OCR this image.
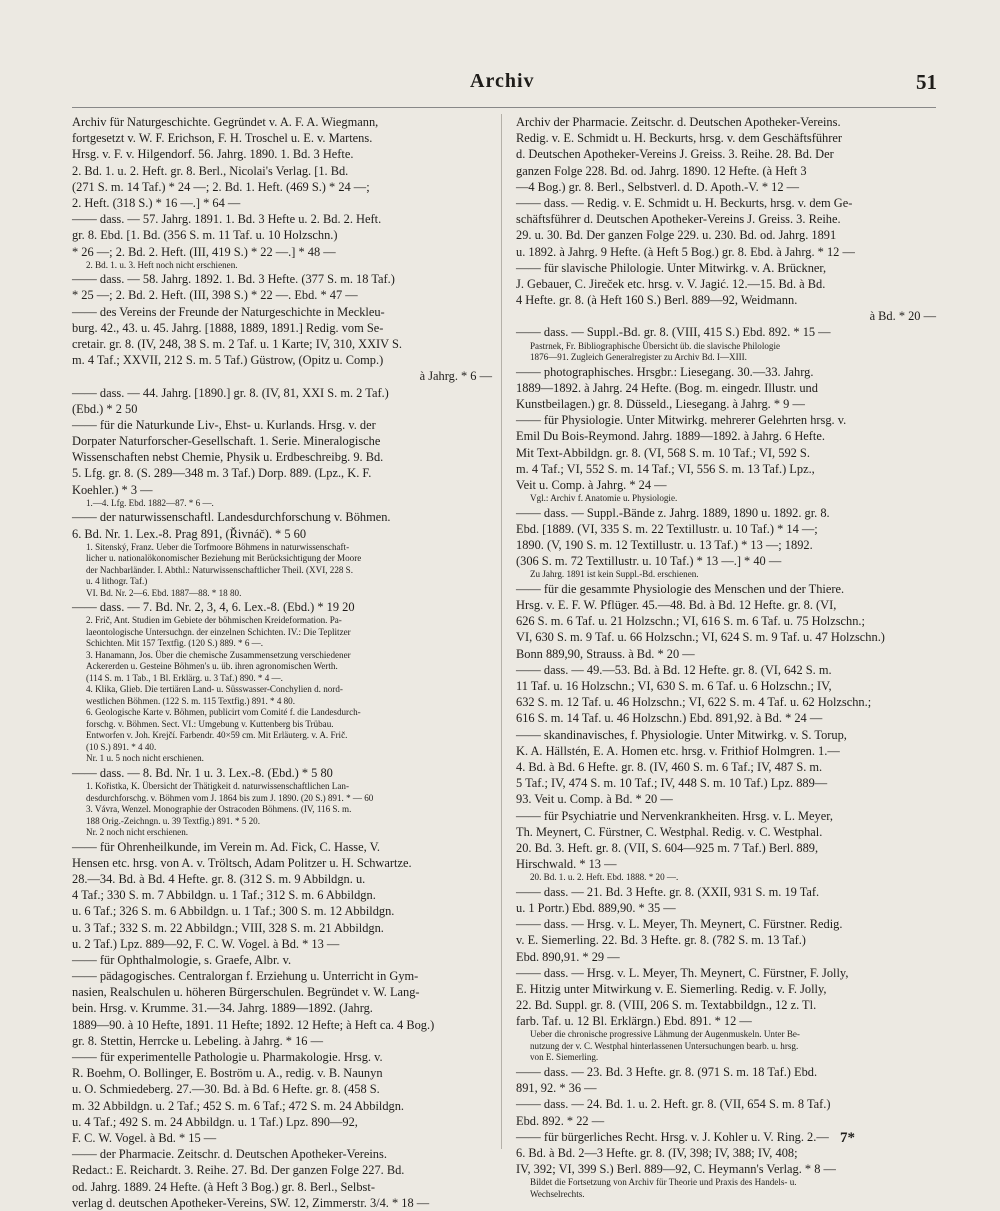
Archiv	51
Archiv für Naturgeschichte. Gegründet v. A. F. A. Wiegmann,
fortgesetzt v. W. F. Erichson, F. H. Troschel u. E. v. Martens.
Hrsg. v. F. v. Hilgendorf. 56. Jahrg. 1890. 1. Bd. 3 Hefte.
2. Bd. 1. u. 2. Heft. gr. 8. Berl., Nicolai's Verlag. [1. Bd.
(271 S. m. 14 Taf.) * 24 —; 2. Bd. 1. Heft. (469 S.) * 24 —;
2. Heft. (318 S.) * 16 —.] * 64 —
—— dass. — 57. Jahrg. 1891. 1. Bd. 3 Hefte u. 2. Bd. 2. Heft.
gr. 8. Ebd. [1. Bd. (356 S. m. 11 Taf. u. 10 Holzschn.)
* 26 —; 2. Bd. 2. Heft. (III, 419 S.) * 22 —.] * 48 —
2. Bd. 1. u. 3. Heft noch nicht erschienen.
—— dass. — 58. Jahrg. 1892. 1. Bd. 3 Hefte. (377 S. m. 18 Taf.)
* 25 —; 2. Bd. 2. Heft. (III, 398 S.) * 22 —. Ebd. * 47 —
—— des Vereins der Freunde der Naturgeschichte in Meckleu-
burg. 42., 43. u. 45. Jahrg. [1888, 1889, 1891.] Redig. vom Se-
cretair. gr. 8. (IV, 248, 38 S. m. 2 Taf. u. 1 Karte; IV, 310, XXIV S.
m. 4 Taf.; XXVII, 212 S. m. 5 Taf.) Güstrow, (Opitz u. Comp.)
à Jahrg. * 6 —
—— dass. — 44. Jahrg. [1890.] gr. 8. (IV, 81, XXI S. m. 2 Taf.)
(Ebd.) * 2 50
—— für die Naturkunde Liv-, Ehst- u. Kurlands. Hrsg. v. der
Dorpater Naturforscher-Gesellschaft. 1. Serie. Mineralogische
Wissenschaften nebst Chemie, Physik u. Erdbeschreibg. 9. Bd.
5. Lfg. gr. 8. (S. 289—348 m. 3 Taf.) Dorp. 889. (Lpz., K. F.
Koehler.) * 3 —
1.—4. Lfg. Ebd. 1882—87. * 6 —.
—— der naturwissenschaftl. Landesdurchforschung v. Böhmen.
6. Bd. Nr. 1. Lex.-8. Prag 891, (Řivnáč). * 5 60
1. Sitenský, Franz. Ueber die Torfmoore Böhmens in naturwissenschaft-
licher u. nationalökonomischer Beziehung mit Berücksichtigung der Moore
der Nachbarländer. I. Abthl.: Naturwissenschaftlicher Theil. (XVI, 228 S.
u. 4 lithogr. Taf.)
VI. Bd. Nr. 2—6. Ebd. 1887—88. * 18 80.
—— dass. — 7. Bd. Nr. 2, 3, 4, 6. Lex.-8. (Ebd.) * 19 20
2. Frič, Ant. Studien im Gebiete der böhmischen Kreideformation. Pa-
laeontologische Untersuchgn. der einzelnen Schichten. IV.: Die Teplitzer
Schichten. Mit 157 Textfig. (120 S.) 889. * 6 —.
3. Hanamann, Jos. Über die chemische Zusammensetzung verschiedener
Ackererden u. Gesteine Böhmen's u. üb. ihren agronomischen Werth.
(114 S. m. 1 Tab., 1 Bl. Erklärg. u. 3 Taf.) 890. * 4 —.
4. Klika, Glieb. Die tertiären Land- u. Süsswasser-Conchylien d. nord-
westlichen Böhmen. (122 S. m. 115 Textfig.) 891. * 4 80.
6. Geologische Karte v. Böhmen, publicirt vom Comité f. die Landesdurch-
forschg. v. Böhmen. Sect. VI.: Umgebung v. Kuttenberg bis Trübau.
Entworfen v. Joh. Krejčí. Farbendr. 40×59 cm. Mit Erläuterg. v. A. Frič.
(10 S.) 891. * 4 40.
Nr. 1 u. 5 noch nicht erschienen.
—— dass. — 8. Bd. Nr. 1 u. 3. Lex.-8. (Ebd.) * 5 80
1. Kořistka, K. Übersicht der Thätigkeit d. naturwissenschaftlichen Lan-
desdurchforschg. v. Böhmen vom J. 1864 bis zum J. 1890. (20 S.) 891. * — 60
3. Vávra, Wenzel. Monographie der Ostracoden Böhmens. (IV, 116 S. m.
188 Orig.-Zeichngn. u. 39 Textfig.) 891. * 5 20.
Nr. 2 noch nicht erschienen.
—— für Ohrenheilkunde, im Verein m. Ad. Fick, C. Hasse, V.
Hensen etc. hrsg. von A. v. Tröltsch, Adam Politzer u. H. Schwartze.
28.—34. Bd. à Bd. 4 Hefte. gr. 8. (312 S. m. 9 Abbildgn. u.
4 Taf.; 330 S. m. 7 Abbildgn. u. 1 Taf.; 312 S. m. 6 Abbildgn.
u. 6 Taf.; 326 S. m. 6 Abbildgn. u. 1 Taf.; 300 S. m. 12 Abbildgn.
u. 3 Taf.; 332 S. m. 22 Abbildgn.; VIII, 328 S. m. 21 Abbildgn.
u. 2 Taf.) Lpz. 889—92, F. C. W. Vogel. à Bd. * 13 —
—— für Ophthalmologie, s. Graefe, Albr. v.
—— pädagogisches. Centralorgan f. Erziehung u. Unterricht in Gym-
nasien, Realschulen u. höheren Bürgerschulen. Begründet v. W. Lang-
bein. Hrsg. v. Krumme. 31.—34. Jahrg. 1889—1892. (Jahrg.
1889—90. à 10 Hefte, 1891. 11 Hefte; 1892. 12 Hefte; à Heft ca. 4 Bog.)
gr. 8. Stettin, Herrcke u. Lebeling. à Jahrg. * 16 —
—— für experimentelle Pathologie u. Pharmakologie. Hrsg. v.
R. Boehm, O. Bollinger, E. Boström u. A., redig. v. B. Naunyn
u. O. Schmiedeberg. 27.—30. Bd. à Bd. 6 Hefte. gr. 8. (458 S.
m. 32 Abbildgn. u. 2 Taf.; 452 S. m. 6 Taf.; 472 S. m. 24 Abbildgn.
u. 4 Taf.; 492 S. m. 24 Abbildgn. u. 1 Taf.) Lpz. 890—92,
F. C. W. Vogel. à Bd. * 15 —
—— der Pharmacie. Zeitschr. d. Deutschen Apotheker-Vereins.
Redact.: E. Reichardt. 3. Reihe. 27. Bd. Der ganzen Folge 227. Bd.
od. Jahrg. 1889. 24 Hefte. (à Heft 3 Bog.) gr. 8. Berl., Selbst-
verlag d. deutschen Apotheker-Vereins, SW. 12, Zimmerstr. 3/4. * 18 —
Archiv der Pharmacie. Zeitschr. d. Deutschen Apotheker-Vereins.
Redig. v. E. Schmidt u. H. Beckurts, hrsg. v. dem Geschäftsführer
d. Deutschen Apotheker-Vereins J. Greiss. 3. Reihe. 28. Bd. Der
ganzen Folge 228. Bd. od. Jahrg. 1890. 12 Hefte. (à Heft 3
—4 Bog.) gr. 8. Berl., Selbstverl. d. D. Apoth.-V. * 12 —
—— dass. — Redig. v. E. Schmidt u. H. Beckurts, hrsg. v. dem Ge-
schäftsführer d. Deutschen Apotheker-Vereins J. Greiss. 3. Reihe.
29. u. 30. Bd. Der ganzen Folge 229. u. 230. Bd. od. Jahrg. 1891
u. 1892. à Jahrg. 9 Hefte. (à Heft 5 Bog.) gr. 8. Ebd. à Jahrg. * 12 —
—— für slavische Philologie. Unter Mitwirkg. v. A. Brückner,
J. Gebauer, C. Jireček etc. hrsg. v. V. Jagić. 12.—15. Bd. à Bd.
4 Hefte. gr. 8. (à Heft 160 S.) Berl. 889—92, Weidmann.
à Bd. * 20 —
—— dass. — Suppl.-Bd. gr. 8. (VIII, 415 S.) Ebd. 892. * 15 —
Pastrnek, Fr. Bibliographische Übersicht üb. die slavische Philologie
1876—91. Zugleich Generalregister zu Archiv Bd. I—XIII.
—— photographisches. Hrsgbr.: Liesegang. 30.—33. Jahrg.
1889—1892. à Jahrg. 24 Hefte. (Bog. m. eingedr. Illustr. und
Kunstbeilagen.) gr. 8. Düsseld., Liesegang. à Jahrg. * 9 —
—— für Physiologie. Unter Mitwirkg. mehrerer Gelehrten hrsg. v.
Emil Du Bois-Reymond. Jahrg. 1889—1892. à Jahrg. 6 Hefte.
Mit Text-Abbildgn. gr. 8. (VI, 568 S. m. 10 Taf.; VI, 592 S.
m. 4 Taf.; VI, 552 S. m. 14 Taf.; VI, 556 S. m. 13 Taf.) Lpz.,
Veit u. Comp. à Jahrg. * 24 —
Vgl.: Archiv f. Anatomie u. Physiologie.
—— dass. — Suppl.-Bände z. Jahrg. 1889, 1890 u. 1892. gr. 8.
Ebd. [1889. (VI, 335 S. m. 22 Textillustr. u. 10 Taf.) * 14 —;
1890. (V, 190 S. m. 12 Textillustr. u. 13 Taf.) * 13 —; 1892.
(306 S. m. 72 Textillustr. u. 10 Taf.) * 13 —.] * 40 —
Zu Jahrg. 1891 ist kein Suppl.-Bd. erschienen.
—— für die gesammte Physiologie des Menschen und der Thiere.
Hrsg. v. E. F. W. Pflüger. 45.—48. Bd. à Bd. 12 Hefte. gr. 8. (VI,
626 S. m. 6 Taf. u. 21 Holzschn.; VI, 616 S. m. 6 Taf. u. 75 Holzschn.;
VI, 630 S. m. 9 Taf. u. 66 Holzschn.; VI, 624 S. m. 9 Taf. u. 47 Holzschn.)
Bonn 889,90, Strauss. à Bd. * 20 —
—— dass. — 49.—53. Bd. à Bd. 12 Hefte. gr. 8. (VI, 642 S. m.
11 Taf. u. 16 Holzschn.; VI, 630 S. m. 6 Taf. u. 6 Holzschn.; IV,
632 S. m. 12 Taf. u. 46 Holzschn.; VI, 622 S. m. 4 Taf. u. 62 Holzschn.;
616 S. m. 14 Taf. u. 46 Holzschn.) Ebd. 891,92. à Bd. * 24 —
—— skandinavisches, f. Physiologie. Unter Mitwirkg. v. S. Torup,
K. A. Hällstén, E. A. Homen etc. hrsg. v. Frithiof Holmgren. 1.—
4. Bd. à Bd. 6 Hefte. gr. 8. (IV, 460 S. m. 6 Taf.; IV, 487 S. m.
5 Taf.; IV, 474 S. m. 10 Taf.; IV, 448 S. m. 10 Taf.) Lpz. 889—
93. Veit u. Comp. à Bd. * 20 —
—— für Psychiatrie und Nervenkrankheiten. Hrsg. v. L. Meyer,
Th. Meynert, C. Fürstner, C. Westphal. Redig. v. C. Westphal.
20. Bd. 3. Heft. gr. 8. (VII, S. 604—925 m. 7 Taf.) Berl. 889,
Hirschwald. * 13 —
20. Bd. 1. u. 2. Heft. Ebd. 1888. * 20 —.
—— dass. — 21. Bd. 3 Hefte. gr. 8. (XXII, 931 S. m. 19 Taf.
u. 1 Portr.) Ebd. 889,90. * 35 —
—— dass. — Hrsg. v. L. Meyer, Th. Meynert, C. Fürstner. Redig.
v. E. Siemerling. 22. Bd. 3 Hefte. gr. 8. (782 S. m. 13 Taf.)
Ebd. 890,91. * 29 —
—— dass. — Hrsg. v. L. Meyer, Th. Meynert, C. Fürstner, F. Jolly,
E. Hitzig unter Mitwirkung v. E. Siemerling. Redig. v. F. Jolly,
22. Bd. Suppl. gr. 8. (VIII, 206 S. m. Textabbildgn., 12 z. Tl.
farb. Taf. u. 12 Bl. Erklärgn.) Ebd. 891. * 12 —
Ueber die chronische progressive Lähmung der Augenmuskeln. Unter Be-
nutzung der v. C. Westphal hinterlassenen Untersuchungen bearb. u. hrsg.
von E. Siemerling.
—— dass. — 23. Bd. 3 Hefte. gr. 8. (971 S. m. 18 Taf.) Ebd.
891, 92. * 36 —
—— dass. — 24. Bd. 1. u. 2. Heft. gr. 8. (VII, 654 S. m. 8 Taf.)
Ebd. 892. * 22 —
—— für bürgerliches Recht. Hrsg. v. J. Kohler u. V. Ring. 2.—
6. Bd. à Bd. 2—3 Hefte. gr. 8. (IV, 398; IV, 388; IV, 408;
IV, 392; VI, 399 S.) Berl. 889—92, C. Heymann's Verlag. * 8 —
Bildet die Fortsetzung von Archiv für Theorie und Praxis des Handels- u.
Wechselrechts.
7*
